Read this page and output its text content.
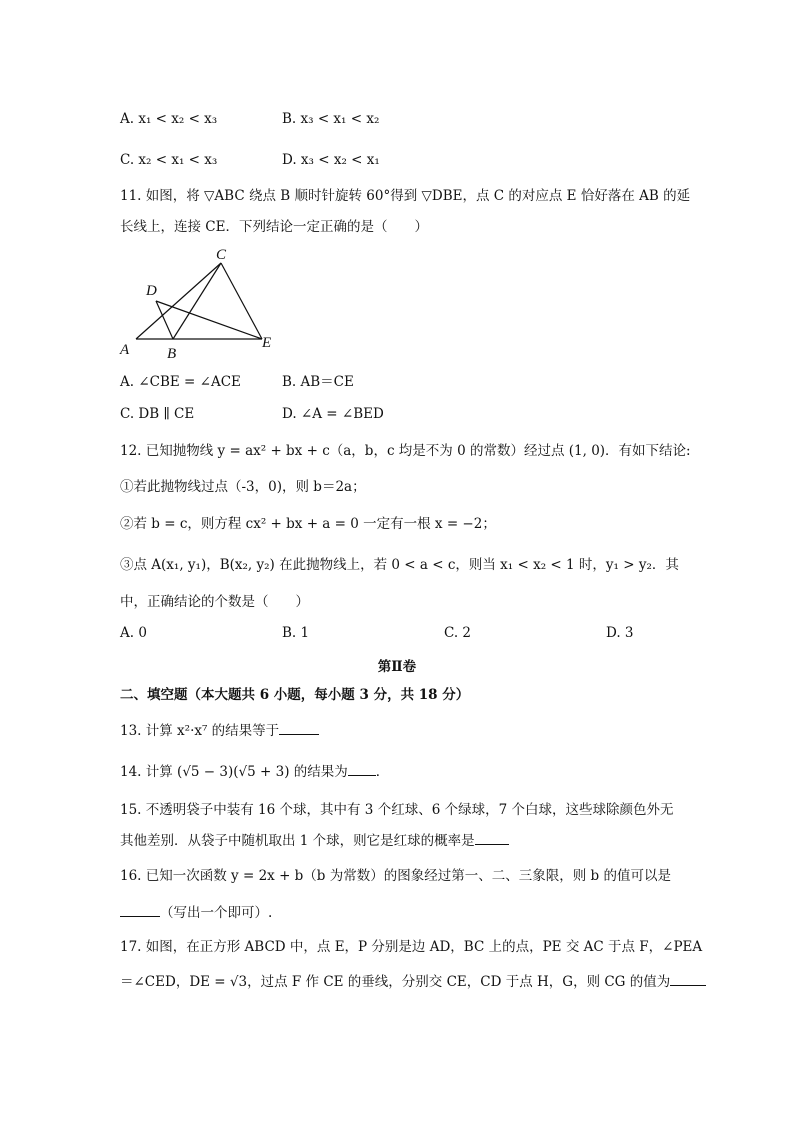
A. x₁ < x₂ < x₃	B. x₃ < x₁ < x₂
C. x₂ < x₁ < x₃	D. x₃ < x₂ < x₁
11. 如图，将 ▽ABC 绕点 B 顺时针旋转 60°得到 ▽DBE，点 C 的对应点 E 恰好落在 AB 的延
长线上，连接 CE．下列结论一定正确的是（　　）
C
D
A	B
E
A. ∠CBE = ∠ACE	B. AB＝CE
C. DB ∥ CE	D. ∠A = ∠BED
12. 已知抛物线 y = ax² + bx + c（a，b，c 均是不为 0 的常数）经过点 (1, 0)．有如下结论:
①若此抛物线过点（-3，0)，则 b＝2a；
②若 b = c，则方程 cx² + bx + a = 0 一定有一根 x = −2；
③点 A(x₁, y₁)，B(x₂, y₂) 在此抛物线上，若 0 < a < c，则当 x₁ < x₂ < 1 时，y₁ > y₂．其
中，正确结论的个数是（　　）
A. 0	B. 1	C. 2	D. 3
第Ⅱ卷
二、填空题（本大题共 6 小题，每小题 3 分，共 18 分）
13. 计算 x²·x⁷ 的结果等于
14. 计算 (√5 − 3)(√5 + 3) 的结果为 ．
15. 不透明袋子中装有 16 个球，其中有 3 个红球、6 个绿球，7 个白球，这些球除颜色外无
其他差别．从袋子中随机取出 1 个球，则它是红球的概率是
16. 已知一次函数 y = 2x + b（b 为常数）的图象经过第一、二、三象限，则 b 的值可以是
（写出一个即可）.
17. 如图，在正方形 ABCD 中，点 E，P 分别是边 AD，BC 上的点，PE 交 AC 于点 F，∠PEA
＝∠CED，DE = √3，过点 F 作 CE 的垂线，分别交 CE，CD 于点 H，G，则 CG 的值为
